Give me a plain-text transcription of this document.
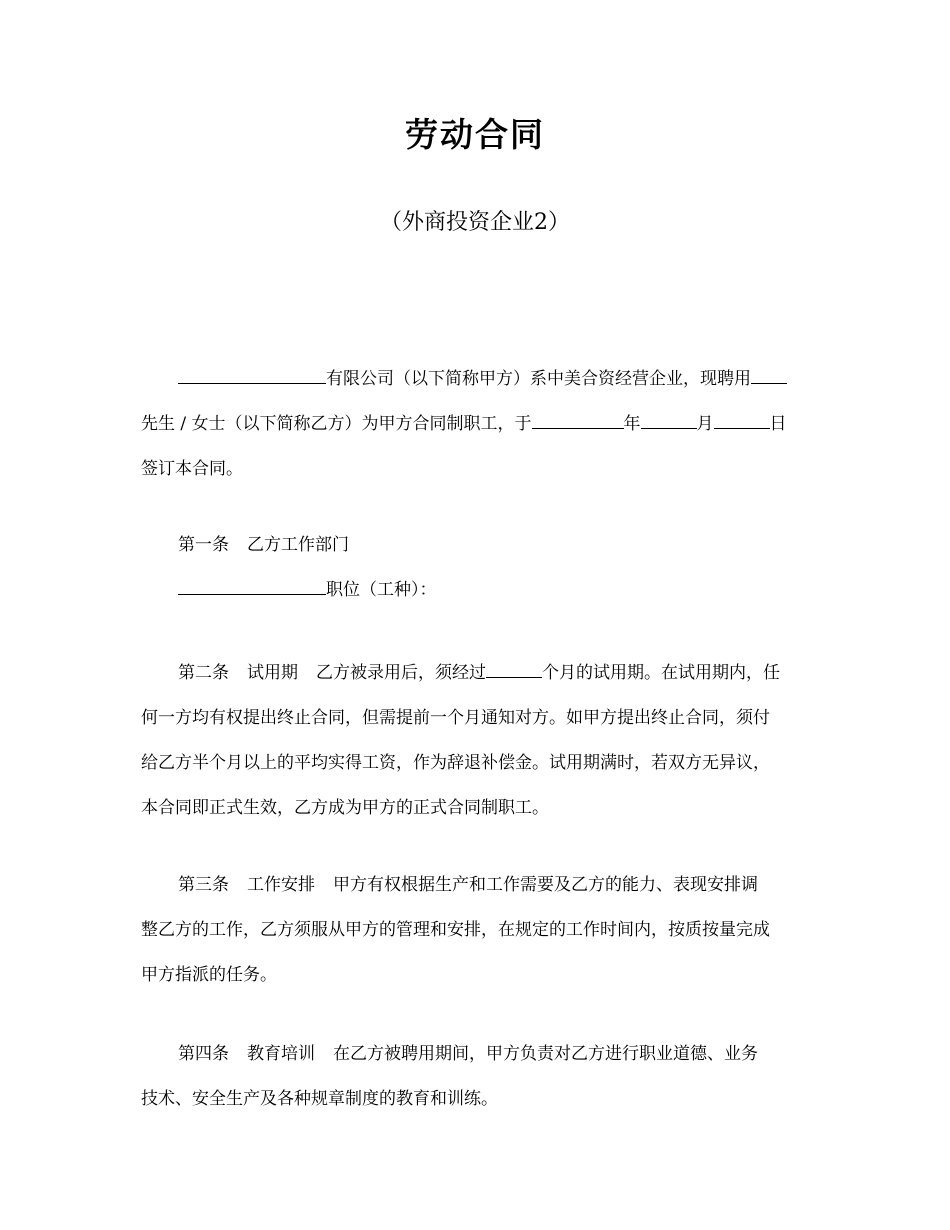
劳动合同
（外商投资企业2）
有限公司（以下简称甲方）系中美合资经营企业，现聘用
先生 / 女士（以下简称乙方）为甲方合同制职工，于	年	月	日
签订本合同。
第一条 乙方工作部门
职位（工种）：
第二条 试用期 乙方被录用后，须经过	个月的试用期。在试用期内，任
何一方均有权提出终止合同，但需提前一个月通知对方。如甲方提出终止合同，须付
给乙方半个月以上的平均实得工资，作为辞退补偿金。试用期满时，若双方无异议，
本合同即正式生效，乙方成为甲方的正式合同制职工。
第三条 工作安排 甲方有权根据生产和工作需要及乙方的能力、表现安排调
整乙方的工作，乙方须服从甲方的管理和安排，在规定的工作时间内，按质按量完成
甲方指派的任务。
第四条 教育培训 在乙方被聘用期间，甲方负责对乙方进行职业道德、业务
技术、安全生产及各种规章制度的教育和训练。
